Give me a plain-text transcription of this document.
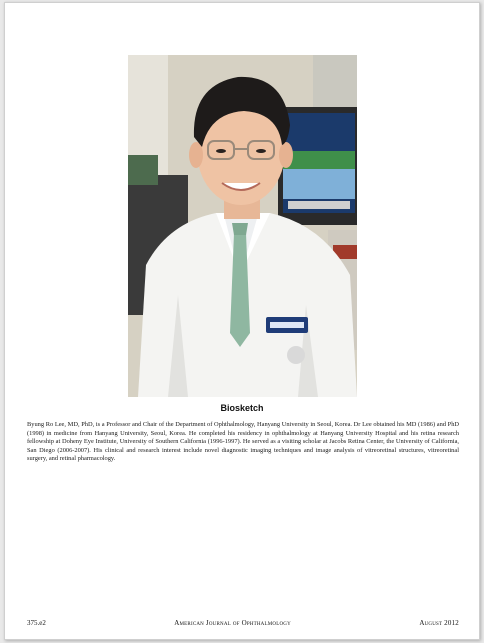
Biosketch
Byung Ro Lee, MD, PhD, is a Professor and Chair of the Department of Ophthalmology, Hanyang University in Seoul, Korea. Dr Lee obtained his MD (1986) and PhD (1998) in medicine from Hanyang University, Seoul, Korea. He completed his residency in ophthalmology at Hanyang University Hospital and his retina research fellowship at Doheny Eye Institute, University of Southern California (1996-1997). He served as a visiting scholar at Jacobs Retina Center, the University of California, San Diego (2006-2007). His clinical and research interest include novel diagnostic imaging techniques and image analysis of vitreoretinal structures, vitreoretinal surgery, and retinal pharmacology.
375.e2	American Journal of Ophthalmology	August 2012
